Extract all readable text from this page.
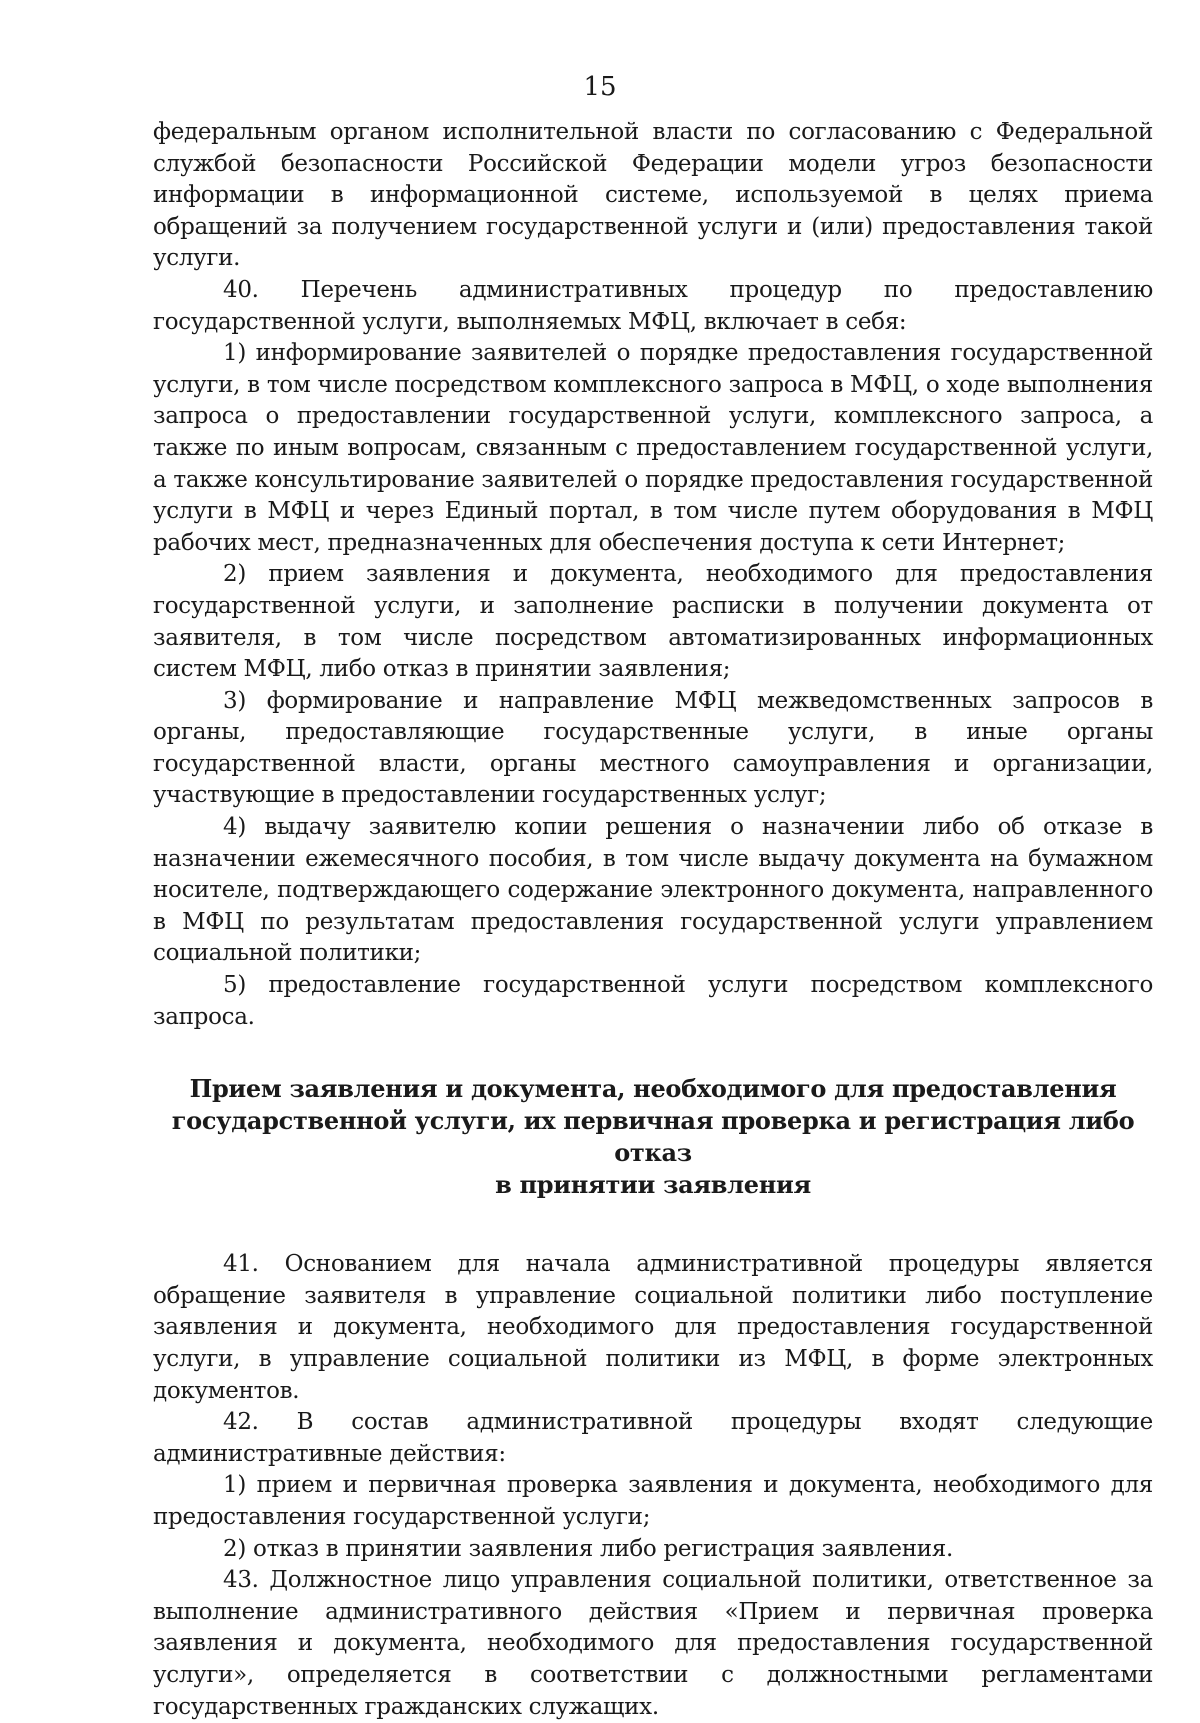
15

федеральным органом исполнительной власти по согласованию с Федеральной службой безопасности Российской Федерации модели угроз безопасности информации в информационной системе, используемой в целях приема обращений за получением государственной услуги и (или) предоставления такой услуги.

40. Перечень административных процедур по предоставлению государственной услуги, выполняемых МФЦ, включает в себя:

1) информирование заявителей о порядке предоставления государственной услуги, в том числе посредством комплексного запроса в МФЦ, о ходе выполнения запроса о предоставлении государственной услуги, комплексного запроса, а также по иным вопросам, связанным с предоставлением государственной услуги, а также консультирование заявителей о порядке предоставления государственной услуги в МФЦ и через Единый портал, в том числе путем оборудования в МФЦ рабочих мест, предназначенных для обеспечения доступа к сети Интернет;

2) прием заявления и документа, необходимого для предоставления государственной услуги, и заполнение расписки в получении документа от заявителя, в том числе посредством автоматизированных информационных систем МФЦ, либо отказ в принятии заявления;

3) формирование и направление МФЦ межведомственных запросов в органы, предоставляющие государственные услуги, в иные органы государственной власти, органы местного самоуправления и организации, участвующие в предоставлении государственных услуг;

4) выдачу заявителю копии решения о назначении либо об отказе в назначении ежемесячного пособия, в том числе выдачу документа на бумажном носителе, подтверждающего содержание электронного документа, направленного в МФЦ по результатам предоставления государственной услуги управлением социальной политики;

5) предоставление государственной услуги посредством комплексного запроса.

Прием заявления и документа, необходимого для предоставления
государственной услуги, их первичная проверка и регистрация либо отказ
в принятии заявления

41. Основанием для начала административной процедуры является обращение заявителя в управление социальной политики либо поступление заявления и документа, необходимого для предоставления государственной услуги, в управление социальной политики из МФЦ, в форме электронных документов.

42. В состав административной процедуры входят следующие административные действия:

1) прием и первичная проверка заявления и документа, необходимого для предоставления государственной услуги;

2) отказ в принятии заявления либо регистрация заявления.

43. Должностное лицо управления социальной политики, ответственное за выполнение административного действия «Прием и первичная проверка заявления и документа, необходимого для предоставления государственной услуги», определяется в соответствии с должностными регламентами государственных гражданских служащих.
